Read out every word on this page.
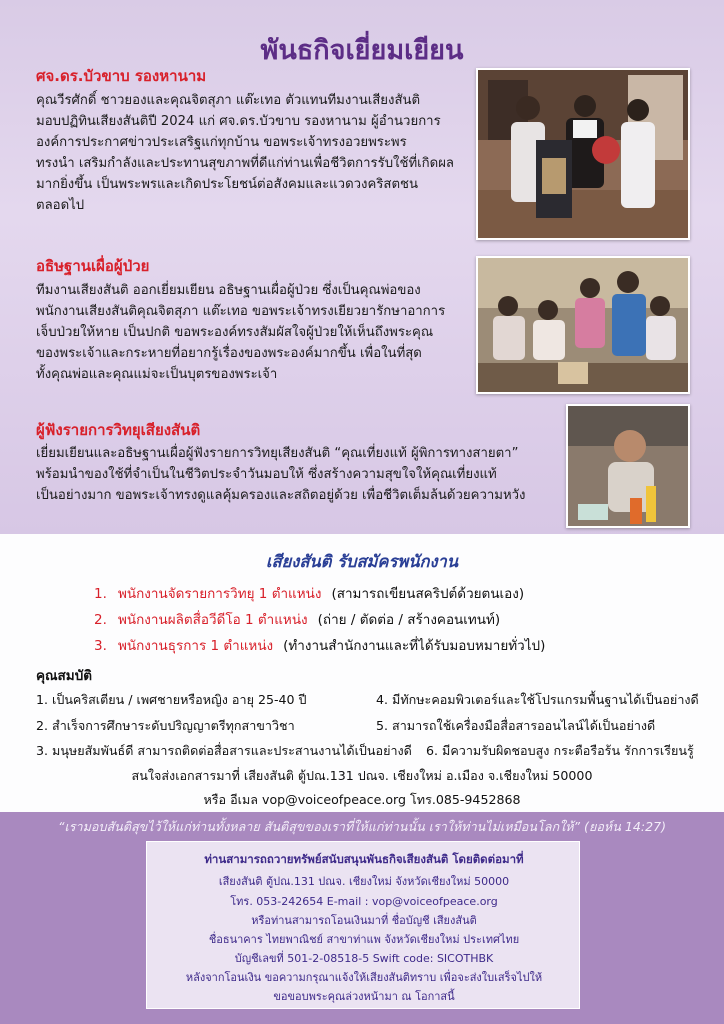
พันธกิจเยี่ยมเยียน
ศจ.ดร.บัวขาบ รองหานาม
คุณวีรศักดิ์ ชาวยองและคุณจิตสุภา แต๊ะเทอ ตัวแทนทีมงานเสียงสันติ
มอบปฏิทินเสียงสันติปี 2024 แก่ ศจ.ดร.บัวขาบ รองหานาม ผู้อำนวยการ
องค์การประกาศข่าวประเสริฐแก่ทุกบ้าน ขอพระเจ้าทรงอวยพระพร
ทรงนำ เสริมกำลังและประทานสุขภาพที่ดีแก่ท่านเพื่อชีวิตการรับใช้ที่เกิดผล
มากยิ่งขึ้น เป็นพระพรและเกิดประโยชน์ต่อสังคมและแวดวงคริสตชน
ตลอดไป
อธิษฐานเผื่อผู้ป่วย
ทีมงานเสียงสันติ ออกเยี่ยมเยียน อธิษฐานเผื่อผู้ป่วย ซึ่งเป็นคุณพ่อของ
พนักงานเสียงสันติคุณจิตสุภา แต๊ะเทอ ขอพระเจ้าทรงเยียวยารักษาอาการ
เจ็บป่วยให้หาย เป็นปกติ ขอพระองค์ทรงสัมผัสใจผู้ป่วยให้เห็นถึงพระคุณ
ของพระเจ้าและกระหายที่อยากรู้เรื่องของพระองค์มากขึ้น เพื่อในที่สุด
ทั้งคุณพ่อและคุณแม่จะเป็นบุตรของพระเจ้า
ผู้ฟังรายการวิทยุเสียงสันติ
เยี่ยมเยียนและอธิษฐานเผื่อผู้ฟังรายการวิทยุเสียงสันติ “คุณเที่ยงแท้ ผู้พิการทางสายตา”
พร้อมนำของใช้ที่จำเป็นในชีวิตประจำวันมอบให้ ซึ่งสร้างความสุขใจให้คุณเที่ยงแท้
เป็นอย่างมาก ขอพระเจ้าทรงดูแลคุ้มครองและสถิตอยู่ด้วย เพื่อชีวิตเต็มล้นด้วยความหวัง
เสียงสันติ รับสมัครพนักงาน
1. พนักงานจัดรายการวิทยุ 1 ตำแหน่ง (สามารถเขียนสคริปต์ด้วยตนเอง)
2. พนักงานผลิตสื่อวีดีโอ 1 ตำแหน่ง (ถ่าย / ตัดต่อ / สร้างคอนเทนท์)
3. พนักงานธุรการ 1 ตำแหน่ง (ทำงานสำนักงานและที่ได้รับมอบหมายทั่วไป)
คุณสมบัติ
1. เป็นคริสเตียน / เพศชายหรือหญิง อายุ 25-40 ปี	4. มีทักษะคอมพิวเตอร์และใช้โปรแกรมพื้นฐานได้เป็นอย่างดี
2. สำเร็จการศึกษาระดับปริญญาตรีทุกสาขาวิชา	5. สามารถใช้เครื่องมือสื่อสารออนไลน์ได้เป็นอย่างดี
3. มนุษยสัมพันธ์ดี สามารถติดต่อสื่อสารและประสานงานได้เป็นอย่างดี 6. มีความรับผิดชอบสูง กระตือรือร้น รักการเรียนรู้
สนใจส่งเอกสารมาที่ เสียงสันติ ตู้ปณ.131 ปณจ. เชียงใหม่ อ.เมือง จ.เชียงใหม่ 50000
หรือ อีเมล vop@voiceofpeace.org โทร.085-9452868
“เรามอบสันติสุขไว้ให้แก่ท่านทั้งหลาย สันติสุขของเราที่ให้แก่ท่านนั้น เราให้ท่านไม่เหมือนโลกให้” (ยอห์น 14:27)
ท่านสามารถถวายทรัพย์สนับสนุนพันธกิจเสียงสันติ โดยติดต่อมาที่
เสียงสันติ ตู้ปณ.131 ปณจ. เชียงใหม่ จังหวัดเชียงใหม่ 50000
โทร. 053-242654 E-mail : vop@voiceofpeace.org
หรือท่านสามารถโอนเงินมาที่ ชื่อบัญชี เสียงสันติ
ชื่อธนาคาร ไทยพาณิชย์ สาขาท่าแพ จังหวัดเชียงใหม่ ประเทศไทย
บัญชีเลขที่ 501-2-08518-5 Swift code: SICOTHBK
หลังจากโอนเงิน ขอความกรุณาแจ้งให้เสียงสันติทราบ เพื่อจะส่งใบเสร็จไปให้
ขอขอบพระคุณล่วงหน้ามา ณ โอกาสนี้
